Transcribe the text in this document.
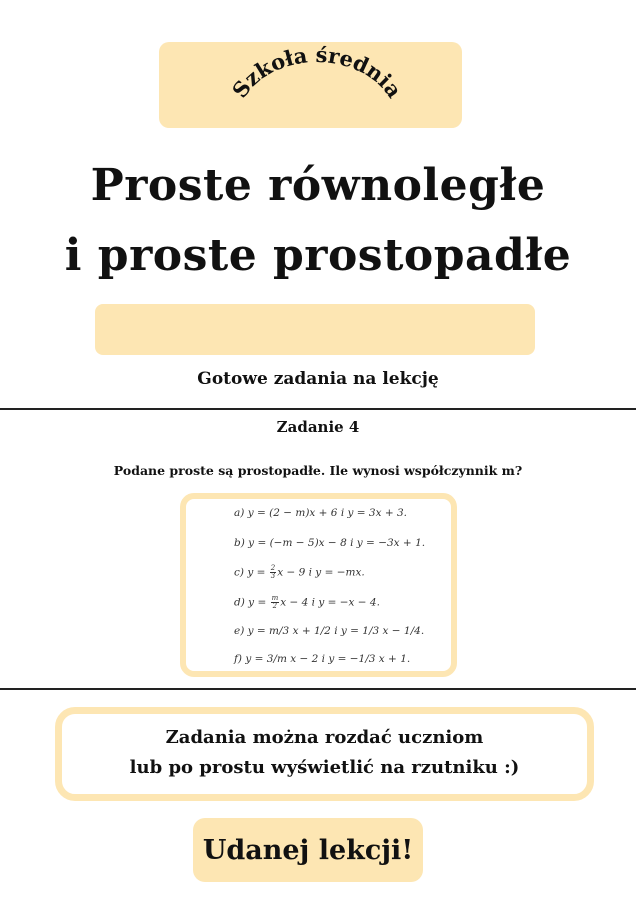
Szkoła średnia
Proste równoległe
i proste prostopadłe
Gotowe zadania na lekcję
Zadanie 4
Podane proste są prostopadłe. Ile wynosi współczynnik m?
a) y = (2 − m)x + 6 i y = 3x + 3.
b) y = (−m − 5)x − 8 i y = −3x + 1.
c) $y = \frac{2}{3}$ x − 9 i y = −mx.
d) $y = \frac{m}{2}$ x − 4 i y = −x − 4.
e) y = m/3 x + 1/2 i y = 1/3 x − 1/4.
f) y = 3/m x − 2 i y = −1/3 x + 1.
Zadania można rozdać uczniom
lub po prostu wyświetlić na rzutniku :)
Udanej lekcji!
